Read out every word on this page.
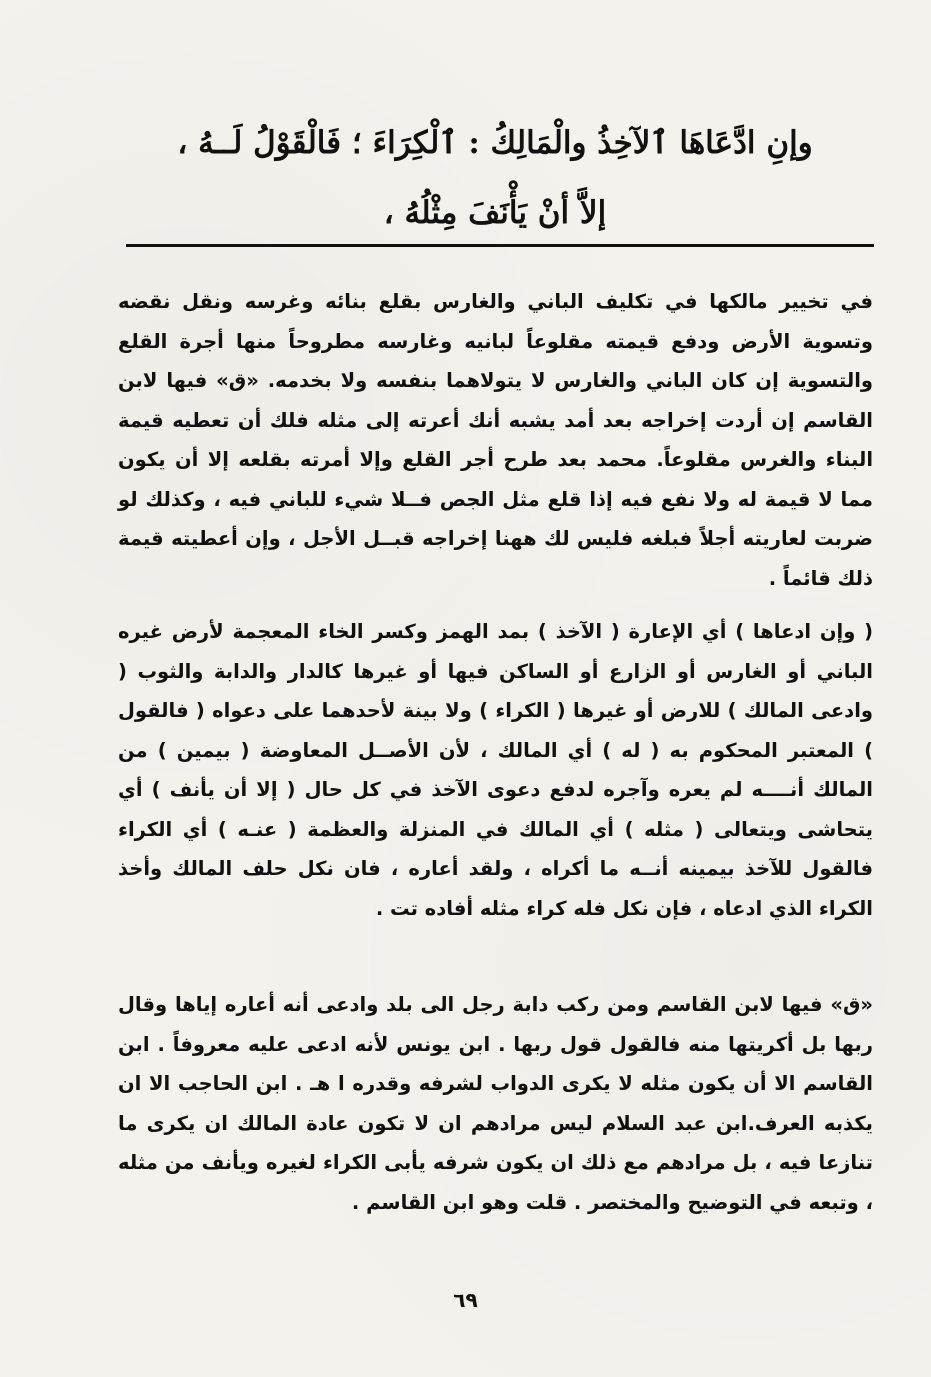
وإنِ ادَّعَاهَا ٱلآخِذُ والْمَالِكُ : ٱلْكِرَاءَ ؛ فَالْقَوْلُ لَــهُ ،

إلاَّ أنْ يَأْنَفَ مِثْلُهُ ،

في تخيير مالكها في تكليف الباني والغارس بقلع بنائه وغرسه ونقل نقضه وتسوية الأرض ودفع قيمته مقلوعاً لبانيه وغارسه مطروحاً منها أجرة القلع والتسوية إن كان الباني والغارس لا يتولاهما بنفسه ولا بخدمه. «ق» فيها لابن القاسم إن أردت إخراجه بعد أمد يشبه أنك أعرته إلى مثله فلك أن تعطيه قيمة البناء والغرس مقلوعاً. محمد بعد طرح أجر القلع وإلا أمرته بقلعه إلا أن يكون مما لا قيمة له ولا نفع فيه إذا قلع مثل الجص فــلا شيء للباني فيه ، وكذلك لو ضربت لعاريته أجلاً فبلغه فليس لك ههنا إخراجه قبــل الأجل ، وإن أعطيته قيمة ذلك قائماً .

( وإن ادعاها ) أي الإعارة ( الآخذ ) بمد الهمز وكسر الخاء المعجمة لأرض غيره الباني أو الغارس أو الزارع أو الساكن فيها أو غيرها كالدار والدابة والثوب ( وادعى المالك ) للارض أو غيرها ( الكراء ) ولا بينة لأحدهما على دعواه ( فالقول ) المعتبر المحكوم به ( له ) أي المالك ، لأن الأصــل المعاوضة ( بيمين ) من المالك أنــــه لم يعره وآجره لدفع دعوى الآخذ في كل حال ( إلا أن يأنف ) أي يتحاشى ويتعالى ( مثله ) أي المالك في المنزلة والعظمة ( عنـه ) أي الكراء فالقول للآخذ بيمينه أنــه ما أكراه ، ولقد أعاره ، فان نكل حلف المالك وأخذ الكراء الذي ادعاه ، فإن نكل فله كراء مثله أفاده تت .

«ق» فيها لابن القاسم ومن ركب دابة رجل الى بلد وادعى أنه أعاره إياها وقال ربها بل أكريتها منه فالقول قول ربها . ابن يونس لأنه ادعى عليه معروفاً . ابن القاسم الا أن يكون مثله لا يكرى الدواب لشرفه وقدره ا هـ . ابن الحاجب الا ان يكذبه العرف.ابن عبد السلام ليس مرادهم ان لا تكون عادة المالك ان يكرى ما تنازعا فيه ، بل مرادهم مع ذلك ان يكون شرفه يأبى الكراء لغيره ويأنف من مثله ، وتبعه في التوضيح والمختصر . قلت وهو ابن القاسم .

٦٩
